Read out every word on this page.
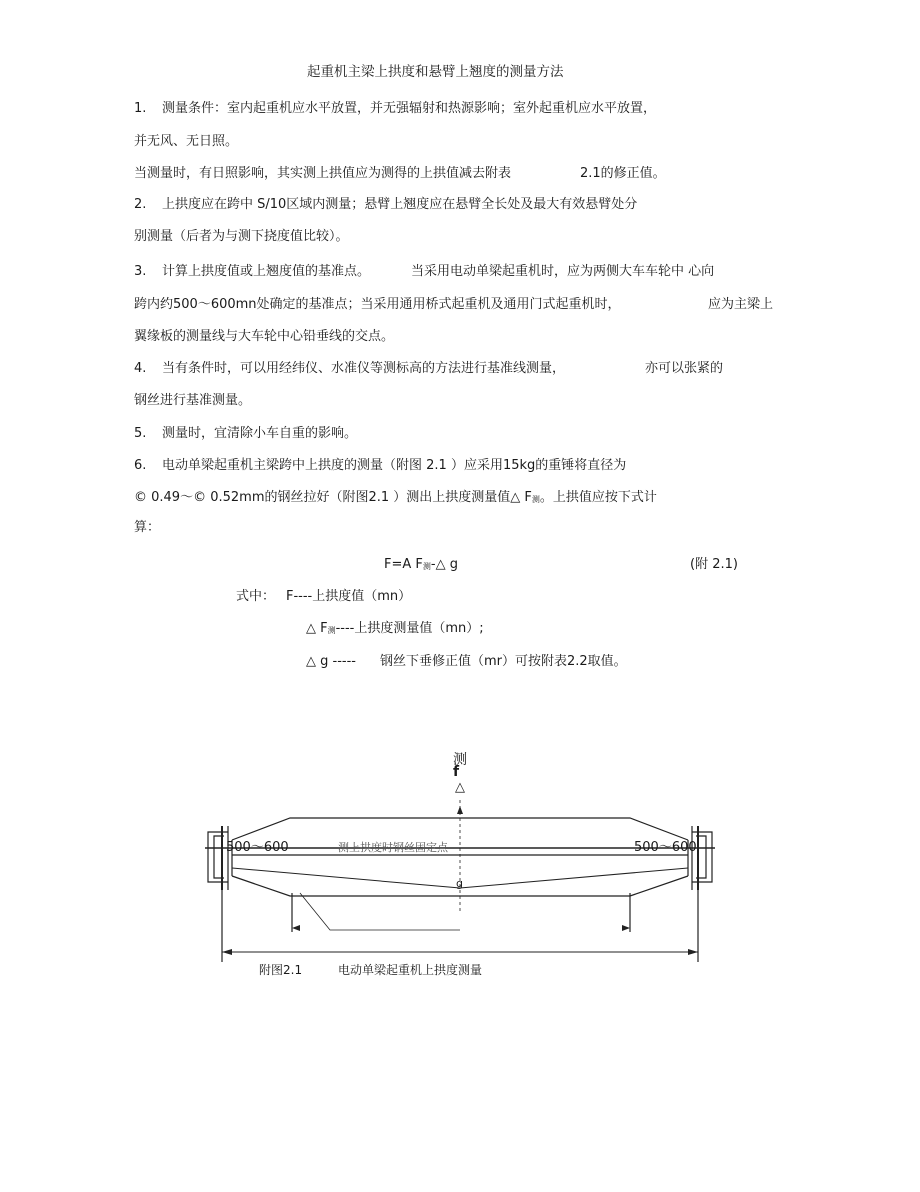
起重机主梁上拱度和悬臂上翘度的测量方法
1. 测量条件：室内起重机应水平放置，并无强辐射和热源影响；室外起重机应水平放置，
并无风、无日照。
当测量时，有日照影响，其实测上拱值应为测得的上拱值减去附表	2.1的修正值。
2. 上拱度应在跨中 S/10区域内测量；悬臂上翘度应在悬臂全长处及最大有效悬臂处分
别测量（后者为与测下挠度值比较）。
3. 计算上拱度值或上翘度值的基准点。	当采用电动单梁起重机时，应为两侧大车车轮中 心向
跨内约500～600mn处确定的基准点；当采用通用桥式起重机及通用门式起重机时，	应为主梁上
翼缘板的测量线与大车轮中心铅垂线的交点。
4. 当有条件时，可以用经纬仪、水准仪等测标高的方法进行基准线测量，	亦可以张紧的
钢丝进行基准测量。
5. 测量时，宜清除小车自重的影响。
6. 电动单梁起重机主梁跨中上拱度的测量（附图 2.1 ）应采用15kg的重锤将直径为
© 0.49～© 0.52mm的钢丝拉好（附图2.1 ）测出上拱度测量值△ F测。上拱值应按下式计
算：
F=A F测-△ g	(附 2.1)
式中： F----上拱度值（mn）
△ F测----上拱度测量值（mn）;
△ g ----- 钢丝下垂修正值（mr）可按附表2.2取值。
测
f
△
500～600	500～600
测上拱度时钢丝固定点
g
附图2.1	电动单梁起重机上拱度测量
